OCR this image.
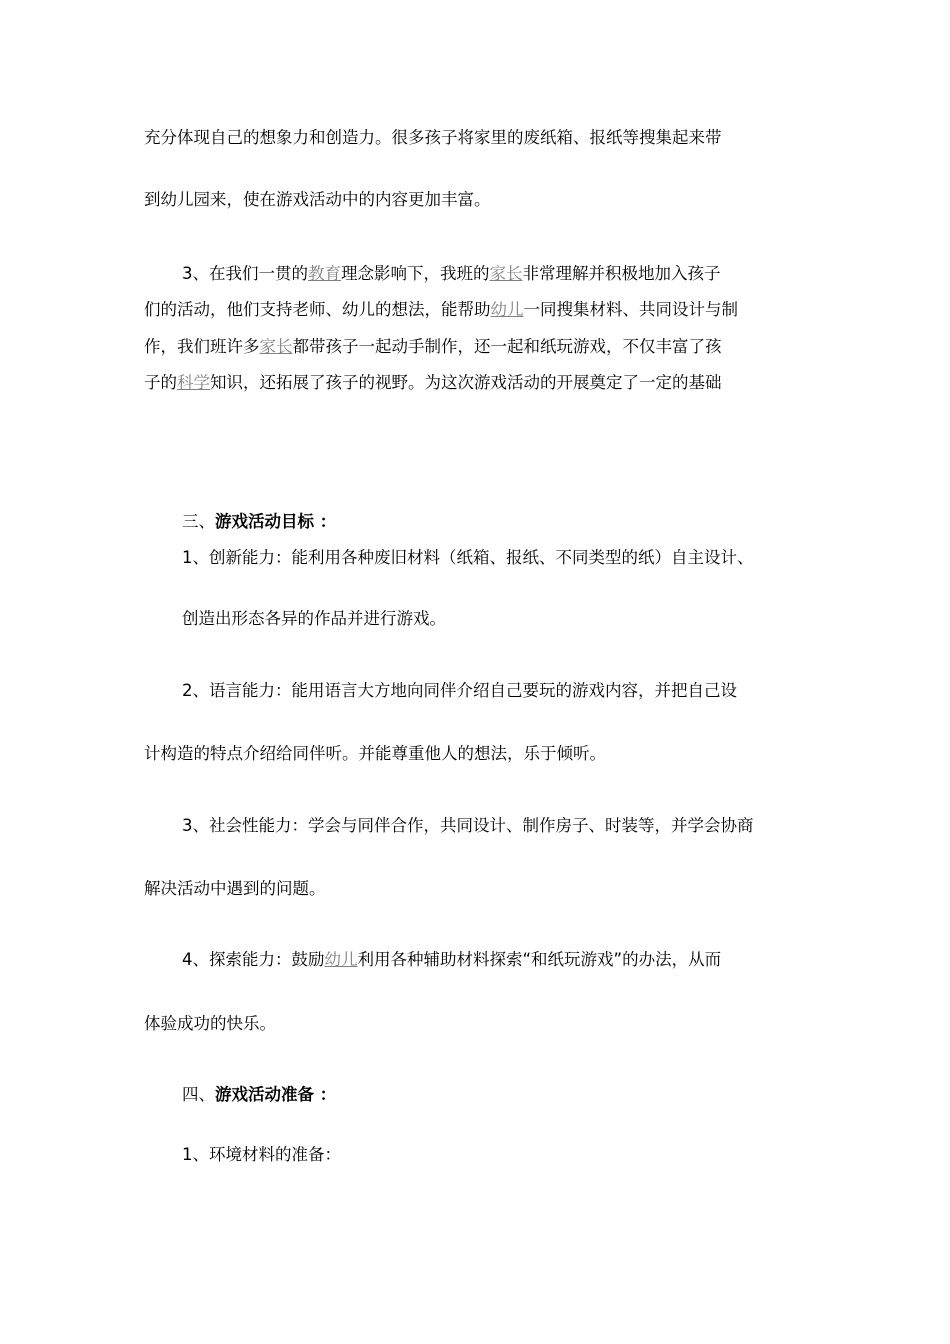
充分体现自己的想象力和创造力。很多孩子将家里的废纸箱、报纸等搜集起来带
到幼儿园来，使在游戏活动中的内容更加丰富。
3、在我们一贯的教育理念影响下，我班的家长非常理解并积极地加入孩子
们的活动，他们支持老师、幼儿的想法，能帮助幼儿一同搜集材料、共同设计与制
作，我们班许多家长都带孩子一起动手制作，还一起和纸玩游戏，不仅丰富了孩
子的科学知识，还拓展了孩子的视野。为这次游戏活动的开展奠定了一定的基础
三、游戏活动目标 ：
1、创新能力：能利用各种废旧材料（纸箱、报纸、不同类型的纸）自主设计、
创造出形态各异的作品并进行游戏。
2、语言能力：能用语言大方地向同伴介绍自己要玩的游戏内容，并把自己设
计构造的特点介绍给同伴听。并能尊重他人的想法，乐于倾听。
3、社会性能力：学会与同伴合作，共同设计、制作房子、时装等，并学会协商
解决活动中遇到的问题。
4、探索能力：鼓励幼儿利用各种辅助材料探索“和纸玩游戏”的办法，从而
体验成功的快乐。
四、游戏活动准备 ：
1、环境材料的准备：
